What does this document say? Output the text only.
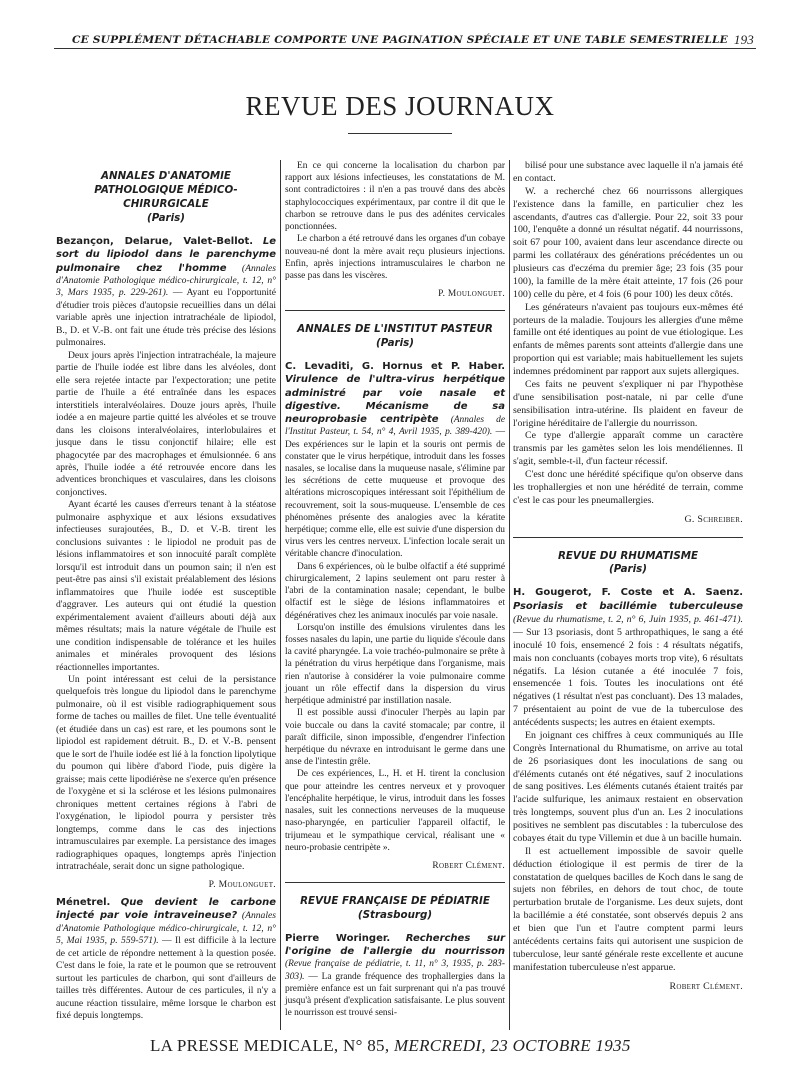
CE SUPPLÉMENT DÉTACHABLE COMPORTE UNE PAGINATION SPÉCIALE ET UNE TABLE SEMESTRIELLE 193
REVUE DES JOURNAUX
ANNALES D'ANATOMIE PATHOLOGIQUE MÉDICO-CHIRURGICALE
(Paris)

Bezançon, Delarue, Valet-Bellot. Le sort du lipiodol dans le parenchyme pulmonaire chez l'homme (Annales d'Anatomie Pathologique médico-chirurgicale, t. 12, n° 3, Mars 1935, p. 229-261). — Ayant eu l'opportunité d'étudier trois pièces d'autopsie recueillies dans un délai variable après une injection intratrachéale de lipiodol, B., D. et V.-B. ont fait une étude très précise des lésions pulmonaires.

Deux jours après l'injection intratrachéale, la majeure partie de l'huile iodée est libre dans les alvéoles, dont elle sera rejetée intacte par l'expectoration; une petite partie de l'huile a été entraînée dans les espaces interstitiels interalvéolaires. Douze jours après, l'huile iodée a en majeure partie quitté les alvéoles et se trouve dans les cloisons interalvéolaires, interlobulaires et jusque dans le tissu conjonctif hilaire; elle est phagocytée par des macrophages et émulsionnée. 6 ans après, l'huile iodée a été retrouvée encore dans les adventices bronchiques et vasculaires, dans les cloisons conjonctives.

Ayant écarté les causes d'erreurs tenant à la stéatose pulmonaire asphyxique et aux lésions exsudatives infectieuses surajoutées, B., D. et V.-B. tirent les conclusions suivantes : le lipiodol ne produit pas de lésions inflammatoires et son innocuité paraît complète lorsqu'il est introduit dans un poumon sain; il n'en est peut-être pas ainsi s'il existait préalablement des lésions inflammatoires que l'huile iodée est susceptible d'aggraver. Les auteurs qui ont étudié la question expérimentalement avaient d'ailleurs abouti déjà aux mêmes résultats; mais la nature végétale de l'huile est une condition indispensable de tolérance et les huiles animales et minérales provoquent des lésions réactionnelles importantes.

Un point intéressant est celui de la persistance quelquefois très longue du lipiodol dans le parenchyme pulmonaire, où il est visible radiographiquement sous forme de taches ou mailles de filet. Une telle éventualité (et étudiée dans un cas) est rare, et les poumons sont le lipiodol est rapidement détruit. B., D. et V.-B. pensent que le sort de l'huile iodée est lié à la fonction lipolytique du poumon qui libère d'abord l'iode, puis digère la graisse; mais cette lipodiérèse ne s'exerce qu'en présence de l'oxygène et si la sclérose et les lésions pulmonaires chroniques mettent certaines régions à l'abri de l'oxygénation, le lipiodol pourra y persister très longtemps, comme dans le cas des injections intramusculaires par exemple. La persistance des images radiographiques opaques, longtemps après l'injection intratrachéale, serait donc un signe pathologique.

P. Moulonguet.

Ménetrel. Que devient le carbone injecté par voie intraveineuse? (Annales d'Anatomie Pathologique médico-chirurgicale, t. 12, n° 5, Mai 1935, p. 559-571). — Il est difficile à la lecture de cet article de répondre nettement à la question posée. C'est dans le foie, la rate et le poumon que se retrouvent surtout les particules de charbon, qui sont d'ailleurs de tailles très différentes. Autour de ces particules, il n'y a aucune réaction tissulaire, même lorsque le charbon est fixé depuis longtemps.

En ce qui concerne la localisation du charbon par rapport aux lésions infectieuses, les constatations de M. sont contradictoires : il n'en a pas trouvé dans des abcès staphylococciques expérimentaux, par contre il dit que le charbon se retrouve dans le pus des adénites cervicales ponctionnées.

Le charbon a été retrouvé dans les organes d'un cobaye nouveau-né dont la mère avait reçu plusieurs injections. Enfin, après injections intramusculaires le charbon ne passe pas dans les viscères.

P. Moulonguet.
ANNALES DE L'INSTITUT PASTEUR
(Paris)

C. Levaditi, G. Hornus et P. Haber. Virulence de l'ultra-virus herpétique administré par voie nasale et digestive. Mécanisme de sa neuroprobasie centripète (Annales de l'Institut Pasteur, t. 54, n° 4, Avril 1935, p. 389-420). — Des expériences sur le lapin et la souris ont permis de constater que le virus herpétique, introduit dans les fosses nasales, se localise dans la muqueuse nasale, s'élimine par les sécrétions de cette muqueuse et provoque des altérations microscopiques intéressant soit l'épithélium de recouvrement, soit la sous-muqueuse. L'ensemble de ces phénomènes présente des analogies avec la kératite herpétique; comme elle, elle est suivie d'une dispersion du virus vers les centres nerveux. L'infection locale serait un véritable chancre d'inoculation.

Dans 6 expériences, où le bulbe olfactif a été supprimé chirurgicalement, 2 lapins seulement ont paru rester à l'abri de la contamination nasale; cependant, le bulbe olfactif est le siège de lésions inflammatoires et dégénératives chez les animaux inoculés par voie nasale.

Lorsqu'on instille des émulsions virulentes dans les fosses nasales du lapin, une partie du liquide s'écoule dans la cavité pharyngée. La voie trachéo-pulmonaire se prête à la pénétration du virus herpétique dans l'organisme, mais rien n'autorise à considérer la voie pulmonaire comme jouant un rôle effectif dans la dispersion du virus herpétique administré par instillation nasale.

Il est possible aussi d'inoculer l'herpès au lapin par voie buccale ou dans la cavité stomacale; par contre, il paraît difficile, sinon impossible, d'engendrer l'infection herpétique du névraxe en introduisant le germe dans une anse de l'intestin grêle.

De ces expériences, L., H. et H. tirent la conclusion que pour atteindre les centres nerveux et y provoquer l'encéphalite herpétique, le virus, introduit dans les fosses nasales, suit les connections nerveuses de la muqueuse naso-pharyngée, en particulier l'appareil olfactif, le trijumeau et le sympathique cervical, réalisant une « neuro-probasie centripète ».

Robert Clément.
REVUE FRANÇAISE DE PÉDIATRIE
(Strasbourg)

Pierre Woringer. Recherches sur l'origine de l'allergie du nourrisson (Revue française de pédiatrie, t. 11, n° 3, 1935, p. 283-303). — La grande fréquence des trophallergies dans la première enfance est un fait surprenant qui n'a pas trouvé jusqu'à présent d'explication satisfaisante. Le plus souvent le nourrisson est trouvé sensi-

bilisé pour une substance avec laquelle il n'a jamais été en contact.

W. a recherché chez 66 nourrissons allergiques l'existence dans la famille, en particulier chez les ascendants, d'autres cas d'allergie. Pour 22, soit 33 pour 100, l'enquête a donné un résultat négatif. 44 nourrissons, soit 67 pour 100, avaient dans leur ascendance directe ou parmi les collatéraux des générations précédentes un ou plusieurs cas d'eczéma du premier âge; 23 fois (35 pour 100), la famille de la mère était atteinte, 17 fois (26 pour 100) celle du père, et 4 fois (6 pour 100) les deux côtés.

Les générateurs n'avaient pas toujours eux-mêmes été porteurs de la maladie. Toujours les allergies d'une même famille ont été identiques au point de vue étiologique. Les enfants de mêmes parents sont atteints d'allergie dans une proportion qui est variable; mais habituellement les sujets indemnes prédominent par rapport aux sujets allergiques.

Ces faits ne peuvent s'expliquer ni par l'hypothèse d'une sensibilisation post-natale, ni par celle d'une sensibilisation intra-utérine. Ils plaident en faveur de l'origine héréditaire de l'allergie du nourrisson.

Ce type d'allergie apparaît comme un caractère transmis par les gamètes selon les lois mendéliennes. Il s'agit, semble-t-il, d'un facteur récessif.

C'est donc une hérédité spécifique qu'on observe dans les trophallergies et non une hérédité de terrain, comme c'est le cas pour les pneumallergies.

G. Schreiber.
REVUE DU RHUMATISME
(Paris)

H. Gougerot, F. Coste et A. Saenz. Psoriasis et bacillémie tuberculeuse (Revue du rhumatisme, t. 2, n° 6, Juin 1935, p. 461-471). — Sur 13 psoriasis, dont 5 arthropathiques, le sang a été inoculé 10 fois, ensemencé 2 fois : 4 résultats négatifs, mais non concluants (cobayes morts trop vite), 6 résultats négatifs. La lésion cutanée a été inoculée 7 fois, ensemencée 1 fois. Toutes les inoculations ont été négatives (1 résultat n'est pas concluant). Des 13 malades, 7 présentaient au point de vue de la tuberculose des antécédents suspects; les autres en étaient exempts.

En joignant ces chiffres à ceux communiqués au IIIe Congrès International du Rhumatisme, on arrive au total de 26 psoriasiques dont les inoculations de sang ou d'éléments cutanés ont été négatives, sauf 2 inoculations de sang positives. Les éléments cutanés étaient traités par l'acide sulfurique, les animaux restaient en observation très longtemps, souvent plus d'un an. Les 2 inoculations positives ne semblent pas discutables : la tuberculose des cobayes était du type Villemin et due à un bacille humain.

Il est actuellement impossible de savoir quelle déduction étiologique il est permis de tirer de la constatation de quelques bacilles de Koch dans le sang de sujets non fébriles, en dehors de tout choc, de toute perturbation brutale de l'organisme. Les deux sujets, dont la bacillémie a été constatée, sont observés depuis 2 ans et bien que l'un et l'autre comptent parmi leurs antécédents certains faits qui autorisent une suspicion de tuberculose, leur santé générale reste excellente et aucune manifestation tuberculeuse n'est apparue.

Robert Clément.
LA PRESSE MEDICALE, N° 85, MERCREDI, 23 OCTOBRE 1935
